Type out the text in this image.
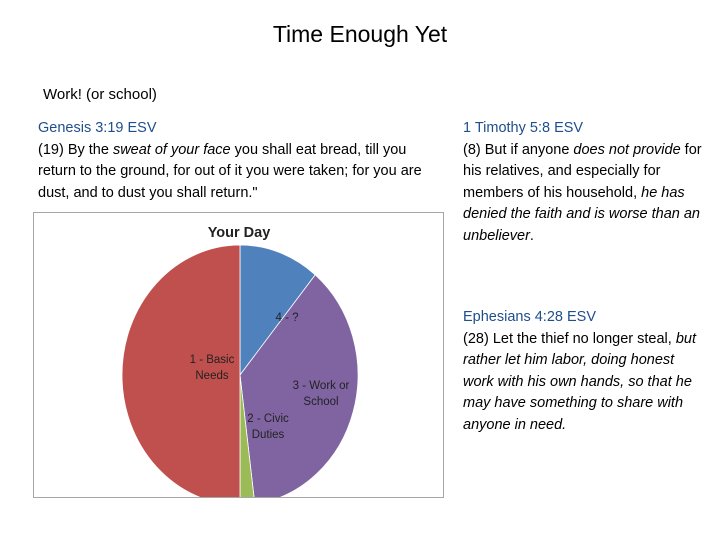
Time Enough Yet
Work! (or school)
Genesis 3:19 ESV
(19) By the sweat of your face you shall eat bread, till you return to the ground, for out of it you were taken; for you are dust, and to dust you shall return."
1 Timothy 5:8 ESV
(8) But if anyone does not provide for his relatives, and especially for members of his household, he has denied the faith and is worse than an unbeliever.
Ephesians 4:28 ESV
(28) Let the thief no longer steal, but rather let him labor, doing honest work with his own hands, so that he may have something to share with anyone in need.
Your Day
4 - ?
3 - Work or School
2 - Civic Duties
1 - Basic Needs
